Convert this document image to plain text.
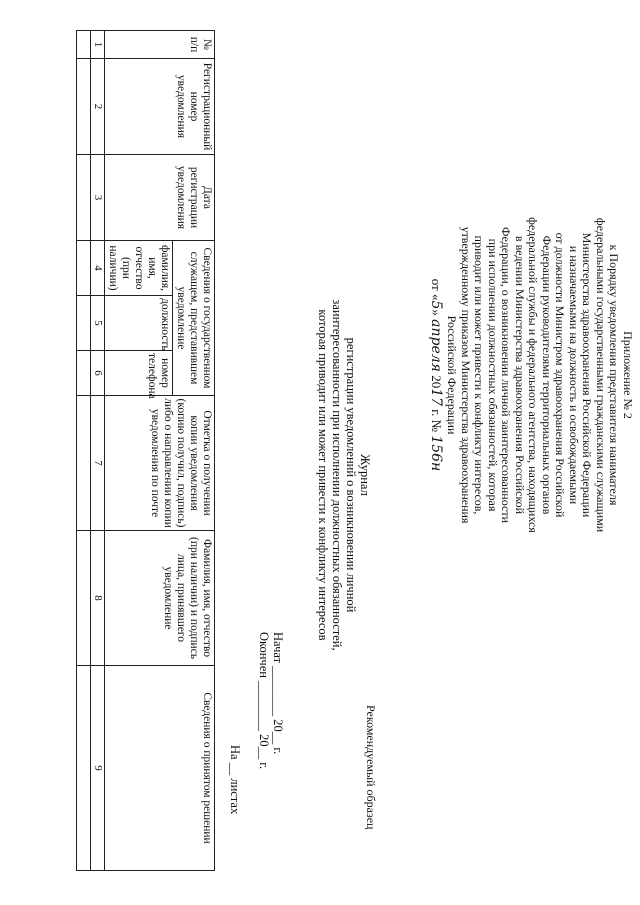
Приложение № 2
к Порядку уведомления представителя нанимателя
федеральными государственными гражданскими служащими
Министерства здравоохранения Российской Федерации
и назначаемыми на должность и освобождаемыми
от должности Министром здравоохранения Российской
Федерации руководителями территориальных органов
федеральной службы и федерального агентства, находящихся
в ведении Министерства здравоохранения Российской
Федерации, о возникновении личной заинтересованности
при исполнении должностных обязанностей, которая
приводит или может привести к конфликту интересов,
утвержденному приказом Министерства здравоохранения
Российской Федерации
от «5» апреля 2017 г. № 156н
Рекомендуемый образец
Журнал
регистрации уведомлений о возникновении личной
заинтересованности при исполнении должностных обязанностей,
которая приводит или может привести к конфликту интересов
Начат ________ 20__ г.
Окончен ________ 20__ г.
На __ листах
№ п/п	Регистрационный номер уведомления	Дата регистрации уведомления	Сведения о государственном служащем, представившем уведомление			Отметка о получении копии уведомления (копию получил, подпись) либо о направлении копии уведомления по почте	Фамилия, имя, отчество (при наличии) и подпись лица, принявшего уведомление	Сведения о принятом решении
			фамилия, имя, отчество (при наличии)	должность	номер телефона			
1	2	3	4	5	6	7	8	9
